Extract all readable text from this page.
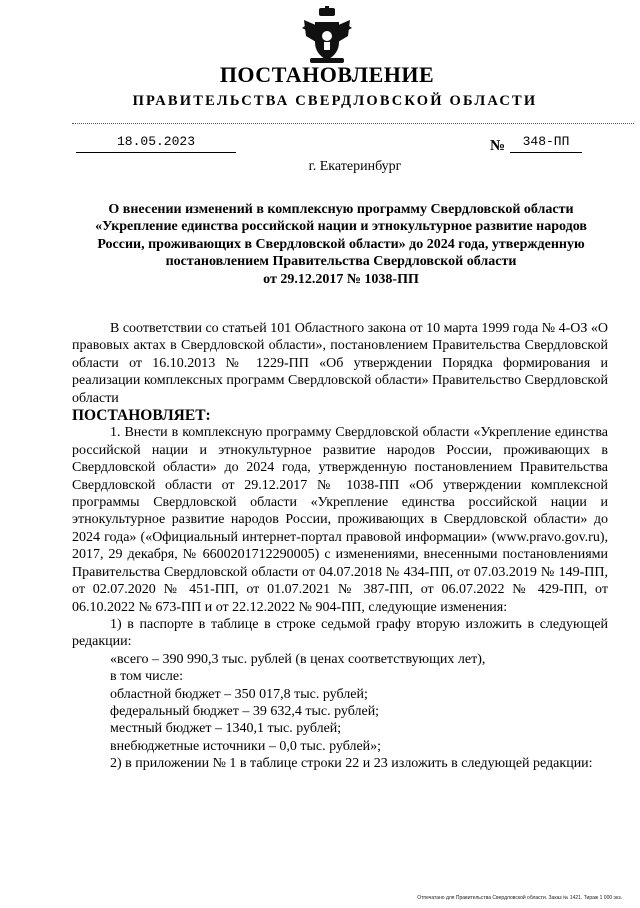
ПОСТАНОВЛЕНИЕ
ПРАВИТЕЛЬСТВА СВЕРДЛОВСКОЙ ОБЛАСТИ
18.05.2023	№	348-ПП
г. Екатеринбург
О внесении изменений в комплексную программу Свердловской области
«Укрепление единства российской нации и этнокультурное развитие народов
России, проживающих в Свердловской области» до 2024 года, утвержденную
постановлением Правительства Свердловской области
от 29.12.2017 № 1038-ПП

В соответствии со статьей 101 Областного закона от 10 марта 1999 года № 4-ОЗ «О правовых актах в Свердловской области», постановлением Правительства Свердловской области от 16.10.2013 № 1229-ПП «Об утверждении Порядка формирования и реализации комплексных программ Свердловской области» Правительство Свердловской области

ПОСТАНОВЛЯЕТ:

1. Внести в комплексную программу Свердловской области «Укрепление единства российской нации и этнокультурное развитие народов России, проживающих в Свердловской области» до 2024 года, утвержденную постановлением Правительства Свердловской области от 29.12.2017 № 1038-ПП «Об утверждении комплексной программы Свердловской области «Укрепление единства российской нации и этнокультурное развитие народов России, проживающих в Свердловской области» до 2024 года» («Официальный интернет-портал правовой информации» (www.pravo.gov.ru), 2017, 29 декабря, № 6600201712290005) с изменениями, внесенными постановлениями Правительства Свердловской области от 04.07.2018 № 434-ПП, от 07.03.2019 № 149-ПП, от 02.07.2020 № 451-ПП, от 01.07.2021 № 387-ПП, от 06.07.2022 № 429-ПП, от 06.10.2022 № 673-ПП и от 22.12.2022 № 904-ПП, следующие изменения:

1) в паспорте в таблице в строке седьмой графу вторую изложить в следующей редакции:

«всего – 390 990,3 тыс. рублей (в ценах соответствующих лет),
в том числе:
областной бюджет – 350 017,8 тыс. рублей;
федеральный бюджет – 39 632,4 тыс. рублей;
местный бюджет – 1340,1 тыс. рублей;
внебюджетные источники – 0,0 тыс. рублей»;

2) в приложении № 1 в таблице строки 22 и 23 изложить в следующей редакции:

Отпечатано для Правительства Свердловской области. Заказ № 1421. Тираж 1 000 экз.
